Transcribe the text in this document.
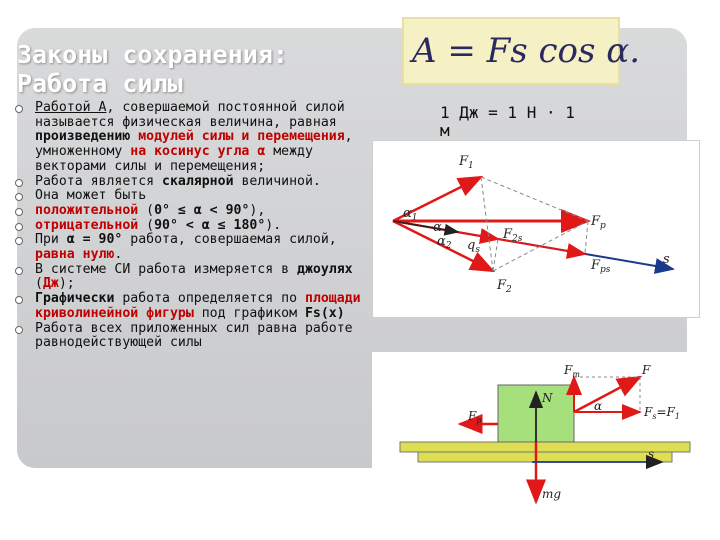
Законы сохранения:
Работа силы
A = Fs cos α.
1 Дж = 1 Н · 1
м
Работой A, совершаемой постоянной силой называется физическая величина, равная произведению модулей силы и перемещения, умноженному на косинус угла α между векторами силы и перемещения;
Работа является скалярной величиной.
Она может быть
положительной (0° ≤ α < 90°),
отрицательной (90° < α ≤ 180°).
При α = 90° работа, совершаемая силой, равна нулю.
В системе СИ работа измеряется в джоулях (Дж);
Графически работа определяется по площади криволинейной фигуры под графиком Fs(x)
Работа всех приложенных сил равна работе равнодействующей силы
$F_1$
$F_p$
$F_2$
$F_{2s}$
$F_{ps}$
s
$\alpha_1$
α
$\alpha_2$ $q_s$
$F_т$	F
N
$F_p$
α	$F_s=F_1$
s
mg
